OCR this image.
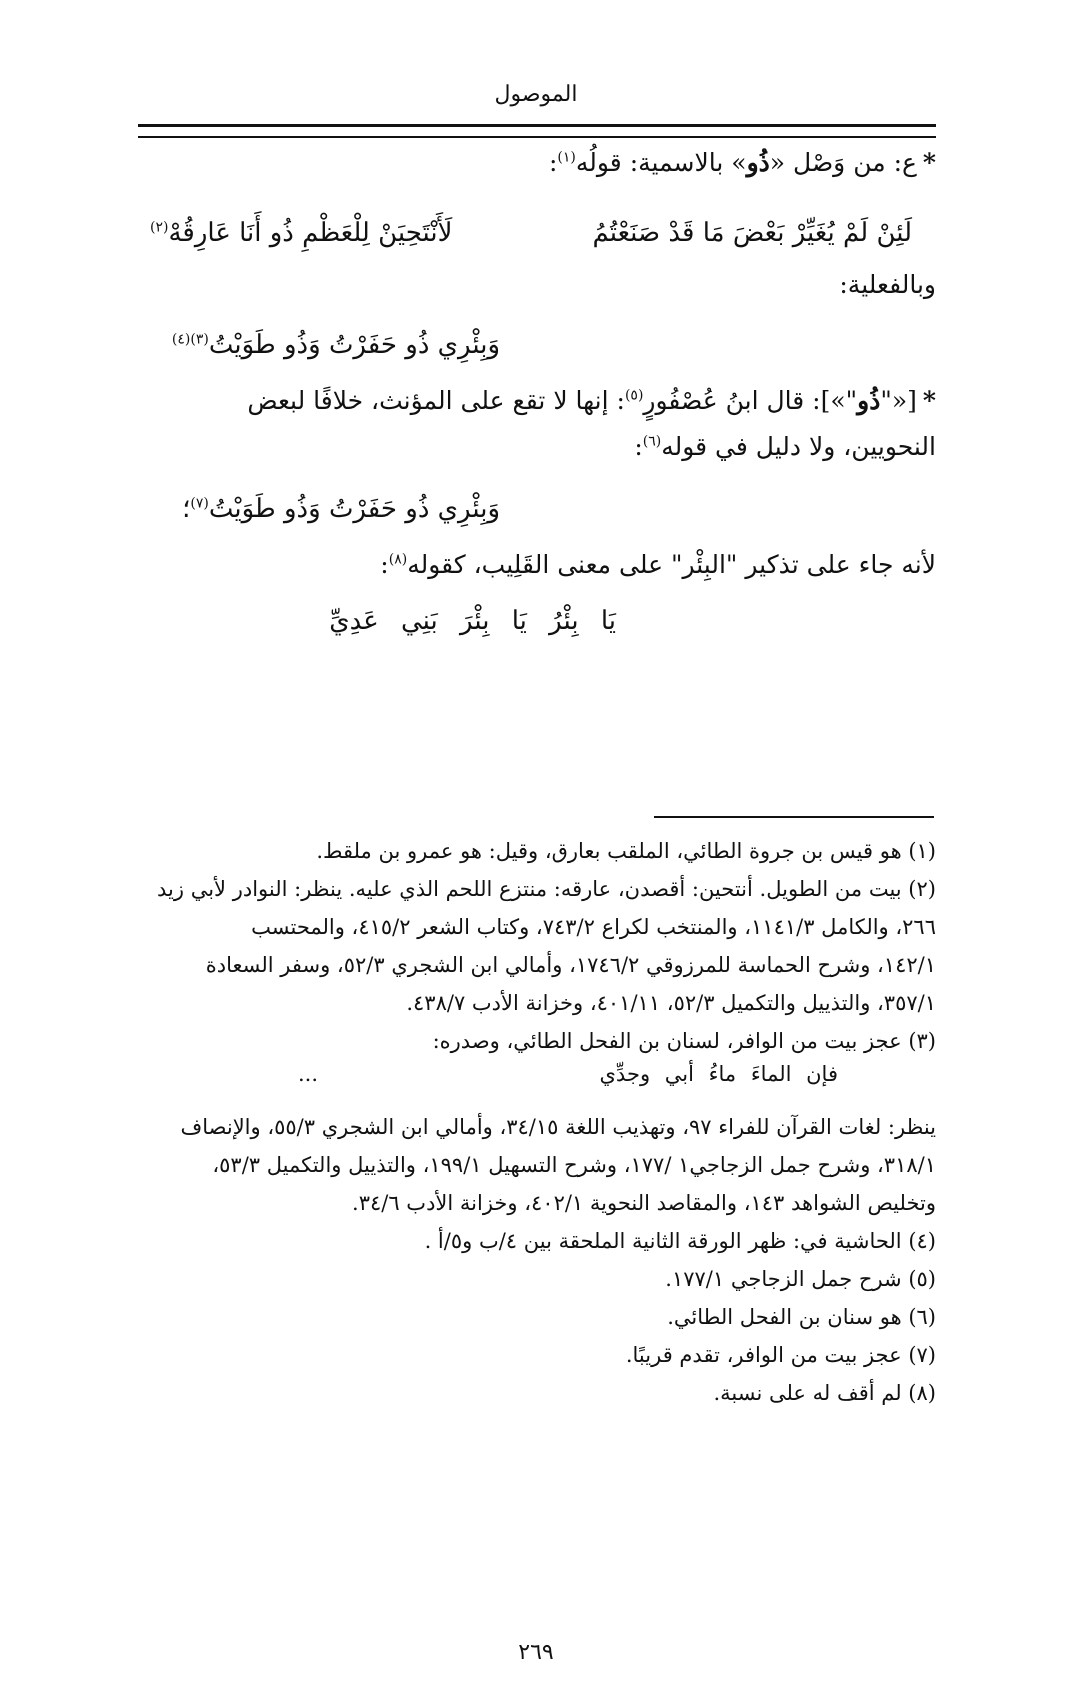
الموصول
*ع: من وَصْل «ذُو» بالاسمية: قولُه$^{(١)}$:
لَئِنْ لَمْ يُغَيِّرْ بَعْضَ مَا قَدْ صَنَعْتُمُ
لَأَنْتَحِيَنْ لِلْعَظْمِ ذُو أَنَا عَارِقُهْ$^{(٢)}$
وبالفعلية:
وَبِئْرِي ذُو حَفَرْتُ وَذُو طَوَيْتُ$^{(٣)(٤)}$
*[«"ذُو"»]: قال ابنُ عُصْفُورٍ$^{(٥)}$: إنها لا تقع على المؤنث، خلافًا لبعض
النحويين، ولا دليل في قوله$^{(٦)}$:
وَبِئْرِي ذُو حَفَرْتُ وَذُو طَوَيْتُ$^{(٧)}$؛
لأنه جاء على تذكير "البِئْر" على معنى القَلِيب، كقوله$^{(٨)}$:
يَا بِئْرُ يَا بِئْرَ بَنِي عَدِيِّ
(١) هو قيس بن جروة الطائي، الملقب بعارق، وقيل: هو عمرو بن ملقط.
(٢) بيت من الطويل. أنتحين: أقصدن، عارقه: منتزع اللحم الذي عليه. ينظر: النوادر لأبي زيد
٢٦٦، والكامل ١١٤١/٣، والمنتخب لكراع ٧٤٣/٢، وكتاب الشعر ٤١٥/٢، والمحتسب
١٤٢/١، وشرح الحماسة للمرزوقي ١٧٤٦/٢، وأمالي ابن الشجري ٥٢/٣، وسفر السعادة
٣٥٧/١، والتذييل والتكميل ٥٢/٣، ٤٠١/١١، وخزانة الأدب ٤٣٨/٧.
(٣) عجز بيت من الوافر، لسنان بن الفحل الطائي، وصدره:
فإن الماءَ ماءُ أبي وجدِّي
...
ينظر: لغات القرآن للفراء ٩٧، وتهذيب اللغة ٣٤/١٥، وأمالي ابن الشجري ٥٥/٣، والإنصاف
٣١٨/١، وشرح جمل الزجاجي١ /١٧٧، وشرح التسهيل ١٩٩/١، والتذييل والتكميل ٥٣/٣،
وتخليص الشواهد ١٤٣، والمقاصد النحوية ٤٠٢/١، وخزانة الأدب ٣٤/٦.
(٤) الحاشية في: ظهر الورقة الثانية الملحقة بين ٤/ب و٥/أ .
(٥) شرح جمل الزجاجي ١٧٧/١.
(٦) هو سنان بن الفحل الطائي.
(٧) عجز بيت من الوافر، تقدم قريبًا.
(٨) لم أقف له على نسبة.
٢٦٩
